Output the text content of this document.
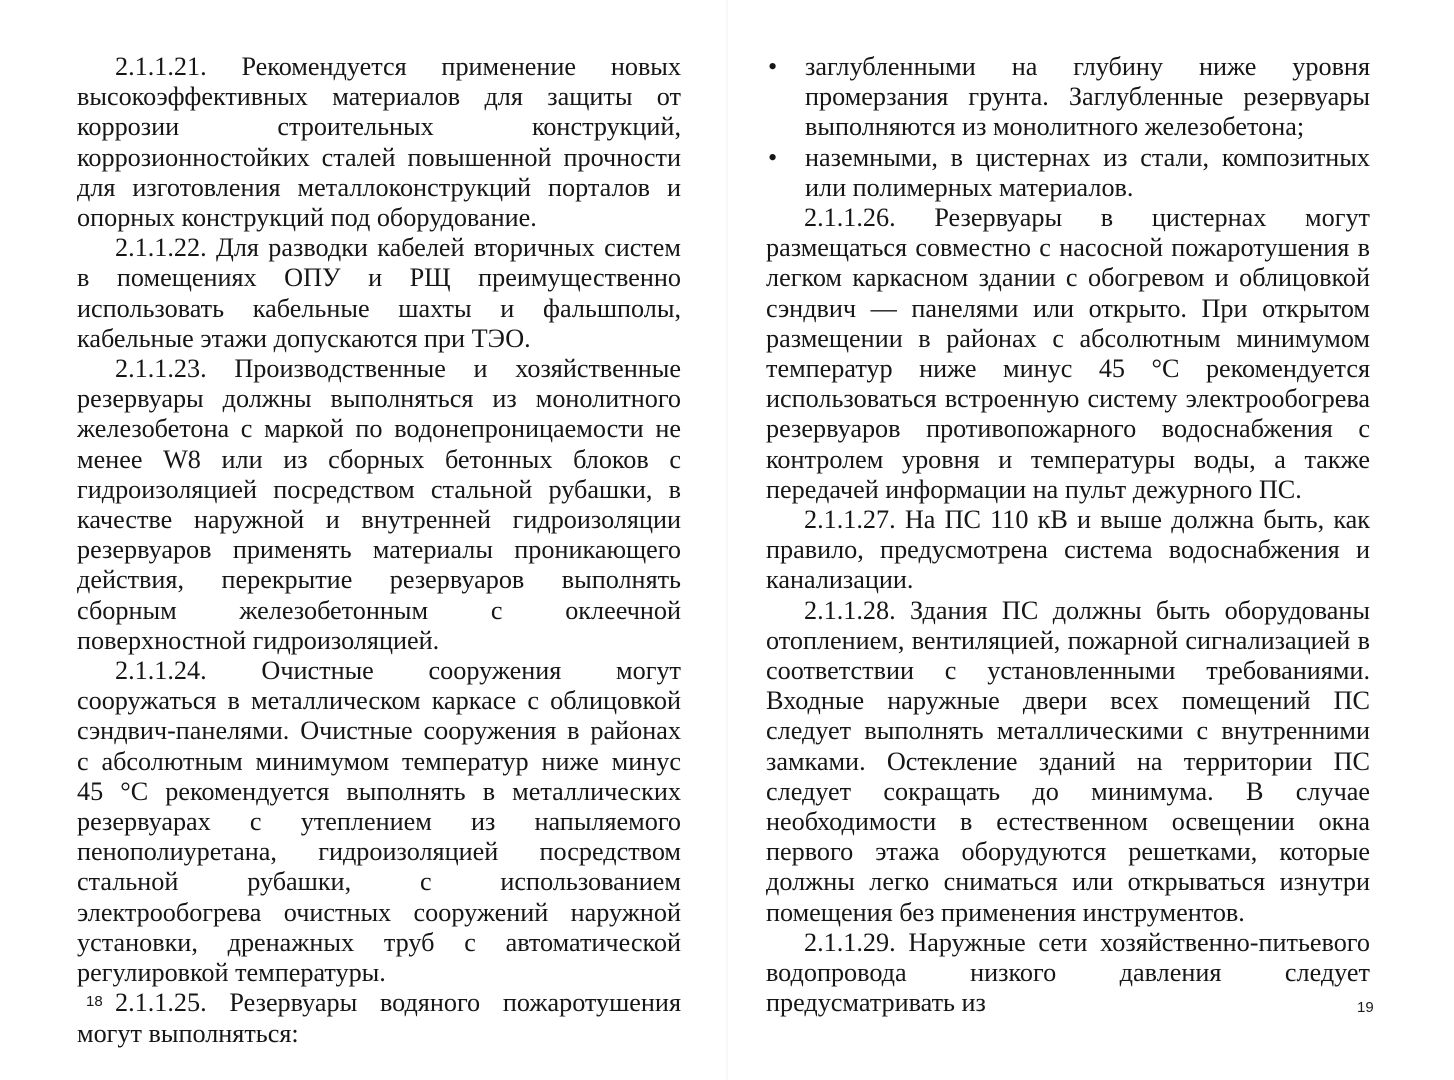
2.1.1.21. Рекомендуется применение новых высокоэффективных материалов для защиты от коррозии строительных конструкций, коррозионностойких сталей повышенной прочности для изготовления металлоконструкций порталов и опорных конструкций под оборудование.

2.1.1.22. Для разводки кабелей вторичных систем в помещениях ОПУ и РЩ преимущественно использовать кабельные шахты и фальшполы, кабельные этажи допускаются при ТЭО.

2.1.1.23. Производственные и хозяйственные резервуары должны выполняться из монолитного железобетона с маркой по водонепроницаемости не менее W8 или из сборных бетонных блоков с гидроизоляцией посредством стальной рубашки, в качестве наружной и внутренней гидроизоляции резервуаров применять материалы проникающего действия, перекрытие резервуаров выполнять сборным железобетонным с оклеечной поверхностной гидроизоляцией.

2.1.1.24. Очистные сооружения могут сооружаться в металлическом каркасе с облицовкой сэндвич-панелями. Очистные сооружения в районах с абсолютным минимумом температур ниже минус 45 °С рекомендуется выполнять в металлических резервуарах с утеплением из напыляемого пенополиуретана, гидроизоляцией посредством стальной рубашки, с использованием электрообогрева очистных сооружений наружной установки, дренажных труб с автоматической регулировкой температуры.

2.1.1.25. Резервуары водяного пожаротушения могут выполняться:

18

• заглубленными на глубину ниже уровня промерзания грунта. Заглубленные резервуары выполняются из монолитного железобетона;

• наземными, в цистернах из стали, композитных или полимерных материалов.

2.1.1.26. Резервуары в цистернах могут размещаться совместно с насосной пожаротушения в легком каркасном здании с обогревом и облицовкой сэндвич — панелями или открыто. При открытом размещении в районах с абсолютным минимумом температур ниже минус 45 °С рекомендуется использоваться встроенную систему электрообогрева резервуаров противопожарного водоснабжения с контролем уровня и температуры воды, а также передачей информации на пульт дежурного ПС.

2.1.1.27. На ПС 110 кВ и выше должна быть, как правило, предусмотрена система водоснабжения и канализации.

2.1.1.28. Здания ПС должны быть оборудованы отоплением, вентиляцией, пожарной сигнализацией в соответствии с установленными требованиями. Входные наружные двери всех помещений ПС следует выполнять металлическими с внутренними замками. Остекление зданий на территории ПС следует сокращать до минимума. В случае необходимости в естественном освещении окна первого этажа оборудуются решетками, которые должны легко сниматься или открываться изнутри помещения без применения инструментов.

2.1.1.29. Наружные сети хозяйственно-питьевого водопровода низкого давления следует предусматривать из	19
